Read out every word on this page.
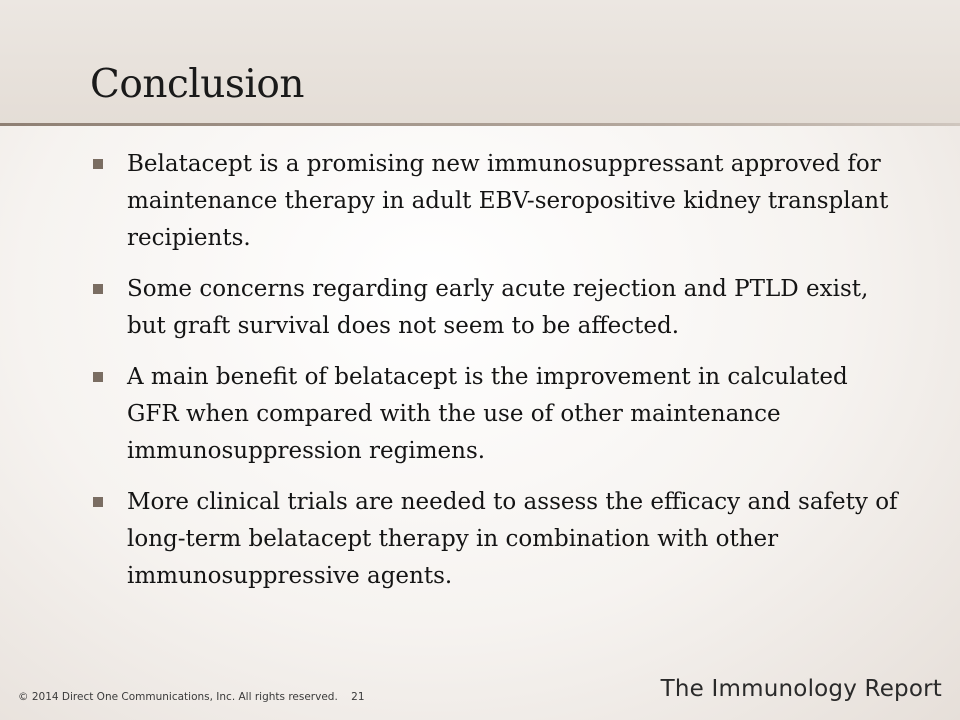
Conclusion
Belatacept is a promising new immunosuppressant approved for maintenance therapy in adult EBV-seropositive kidney transplant recipients.
Some concerns regarding early acute rejection and PTLD exist, but graft survival does not seem to be affected.
A main benefit of belatacept is the improvement in calculated GFR when compared with the use of other maintenance immunosuppression regimens.
More clinical trials are needed to assess the efficacy and safety of long-term belatacept therapy in combination with other immunosuppressive agents.
© 2014 Direct One Communications, Inc. All rights reserved. 21	The Immunology Report
